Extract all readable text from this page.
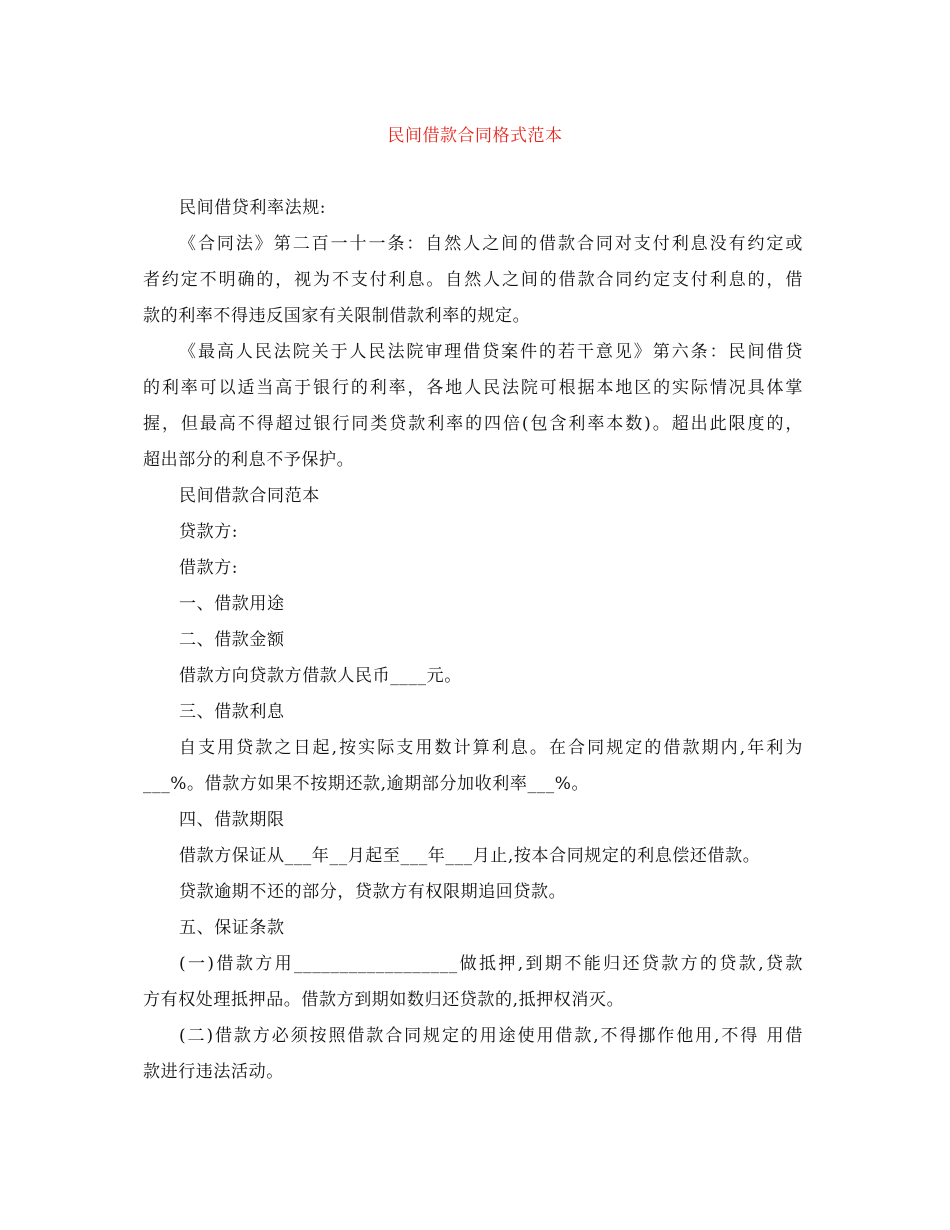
民间借款合同格式范本
民间借贷利率法规:
《合同法》第二百一十一条：自然人之间的借款合同对支付利息没有约定或
者约定不明确的，视为不支付利息。自然人之间的借款合同约定支付利息的，借
款的利率不得违反国家有关限制借款利率的规定。
《最高人民法院关于人民法院审理借贷案件的若干意见》第六条：民间借贷
的利率可以适当高于银行的利率，各地人民法院可根据本地区的实际情况具体掌
握，但最高不得超过银行同类贷款利率的四倍(包含利率本数)。超出此限度的，
超出部分的利息不予保护。
民间借款合同范本
贷款方:
借款方:
一、借款用途
二、借款金额
借款方向贷款方借款人民币____元。
三、借款利息
自支用贷款之日起,按实际支用数计算利息。在合同规定的借款期内,年利为
___%。借款方如果不按期还款,逾期部分加收利率___%。
四、借款期限
借款方保证从___年__月起至___年___月止,按本合同规定的利息偿还借款。
贷款逾期不还的部分，贷款方有权限期追回贷款。
五、保证条款
(一)借款方用__________________做抵押,到期不能归还贷款方的贷款,贷款
方有权处理抵押品。借款方到期如数归还贷款的,抵押权消灭。
(二)借款方必须按照借款合同规定的用途使用借款,不得挪作他用,不得 用借
款进行违法活动。
